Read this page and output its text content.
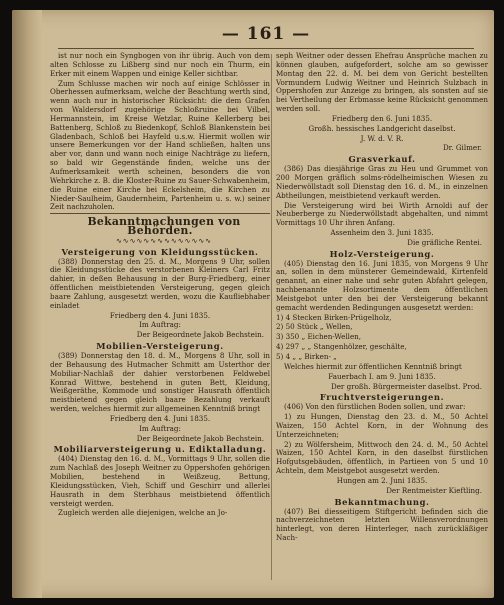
— 161 —

ist nur noch ein Syngbogen von ihr übrig. Auch von dem alten Schlosse zu Lißberg sind nur noch ein Thurm, ein Erker mit einem Wappen und einige Keller sichtbar.

Zum Schlusse machen wir noch auf einige Schlösser in Oberhessen aufmerksam, welche der Beachtung werth sind, wenn auch nur in historischer Rücksicht: die dem Grafen von Waldersdorf zugehörige Schloßruine bei Vilbel, Hermannstein, im Kreise Wetzlar, Ruine Kellerberg bei Battenberg, Schloß zu Biedenkopf, Schloß Blankenstein bei Gladenbach, Schloß bei Hayfeld u.s.w. Hiermit wollen wir unsere Bemerkungen vor der Hand schließen, halten uns aber vor, dann und wann noch einige Nachträge zu liefern, so bald wir Gegenstände finden, welche uns der Aufmerksamkeit werth scheinen, besonders die von Wehrkirche z. B. die Kloster-Ruine zu Sauer-Schwabenheim, die Ruine einer Kirche bei Eckelsheim, die Kirchen zu Nieder-Saulheim, Gaudernheim, Partenheim u. s. w.) seiner Zeit nachzuholen.

Bekanntmachungen von Behörden.

∿∿∿∿∿∿∿∿∿∿∿∿∿∿

Versteigerung von Kleidungsstücken.

(388) Donnerstag den 25. d. M., Morgens 9 Uhr, sollen die Kleidungsstücke des verstorbenen Kleiners Carl Fritz dahier, in deßen Behausung in der Burg-Friedberg, einer öffentlichen meistbietenden Versteigerung, gegen gleich baare Zahlung, ausgesetzt werden, wozu die Kaufliebhaber einladet

Friedberg den 4. Juni 1835.

Im Auftrag:

Der Beigeordnete Jakob Bechstein.

Mobilien-Versteigerung.

(389) Donnerstag den 18. d. M., Morgens 8 Uhr, soll in der Behausung des Hutmacher Schmitt am Usterthor der Mobiliar-Nachlaß der dahier verstorbenen Feldwebel Konrad Wittwe, bestehend in guten Bett, Kleidung, Weißgeräthe, Kommode und sonstiger Hausrath öffentlich meistbietend gegen gleich baare Bezahlung verkauft werden, welches hiermit zur allgemeinen Kenntniß bringt

Friedberg den 4. Juni 1835.

Im Auftrag:

Der Beigeordnete Jakob Bechstein.

Mobiliarversteigerung u. Ediktalladung.

(404) Dienstag den 16. d. M., Vormittags 9 Uhr, sollen die zum Nachlaß des Joseph Weitner zu Oppershofen gehörigen Mobilien, bestehend in Weißzeug, Bettung, Kleidungsstücken, Vieh, Schiff und Geschirr und allerlei Hausrath in dem Sterbhaus meistbietend öffentlich versteigt werden.

Zugleich werden alle diejenigen, welche an Jo-

seph Weitner oder dessen Ehefrau Ansprüche machen zu können glauben, aufgefordert, solche am so gewisser Montag den 22. d. M. bei dem von Gericht bestellten Vormundern Ludwig Weitner und Heinrich Sulzbach in Oppershofen zur Anzeige zu bringen, als sonsten auf sie bei Vertheilung der Erbmasse keine Rücksicht genommen werden soll.

Friedberg den 6. Juni 1835.

Großh. hessisches Landgericht daselbst.

J. W. d. V. R.

Dr. Gilmer.

Grasverkauf.

(386) Das diesjährige Gras zu Heu und Grummet von 200 Morgen gräflich solms-rödelheimischen Wiesen zu Niederwöllstadt soll Dienstag den 16. d. M., in einzelnen Abtheilungen, meistbietend verkauft werden.

Die Versteigerung wird bei Wirth Arnoldi auf der Neuberberge zu Niederwöllstadt abgehalten, und nimmt Vormittags 10 Uhr ihren Anfang.

Assenheim den 3. Juni 1835.

Die gräfliche Rentei.

Holz-Versteigerung.

(405) Dienstag den 16. Juni 1835, von Morgens 9 Uhr an, sollen in dem münsterer Gemeindewald, Kirtenfeld genannt, an einer nahe und sehr guten Abfahrt gelegen, nachbenannte Holzsortimente dem öffentlichen Meistgebot unter den bei der Versteigerung bekannt gemacht werdenden Bedingungen ausgesetzt werden:

1) 4 Stecken Birken-Prügelholz,

2) 50 Stück „ Wellen,

3) 350 „ Eichen-Wellen,

4) 297 „ „ Stangenhölzer, geschälte,

5) 4 „ „ Birken- „

Welches hiermit zur öffentlichen Kenntniß bringt

Fauerbach I. am 9. Juni 1835.

Der großh. Bürgermeister daselbst. Prod.

Fruchtversteigerungen.

(406) Von den fürstlichen Boden sollen, und zwar:

1) zu Hungen, Dienstag den 23. d. M., 50 Achtel Waizen, 150 Achtel Korn, in der Wohnung des Unterzeichneten;

2) zu Wölfersheim, Mittwoch den 24. d. M., 50 Achtel Waizen, 150 Achtel Korn, in den daselbst fürstlichen Hofgutsgebäuden, öffentlich, in Partieen von 5 und 10 Achteln, dem Meistgebot ausgesetzt werden.

Hungen am 2. Juni 1835.

Der Rentmeister Kieftling.

Bekanntmachung.

(407) Bei diesseitigem Stiftgericht befinden sich die nachverzeichneten letzten Willensverordnungen hinterlegt, von deren Hinterleger, nach zurückläßiger Nach-
